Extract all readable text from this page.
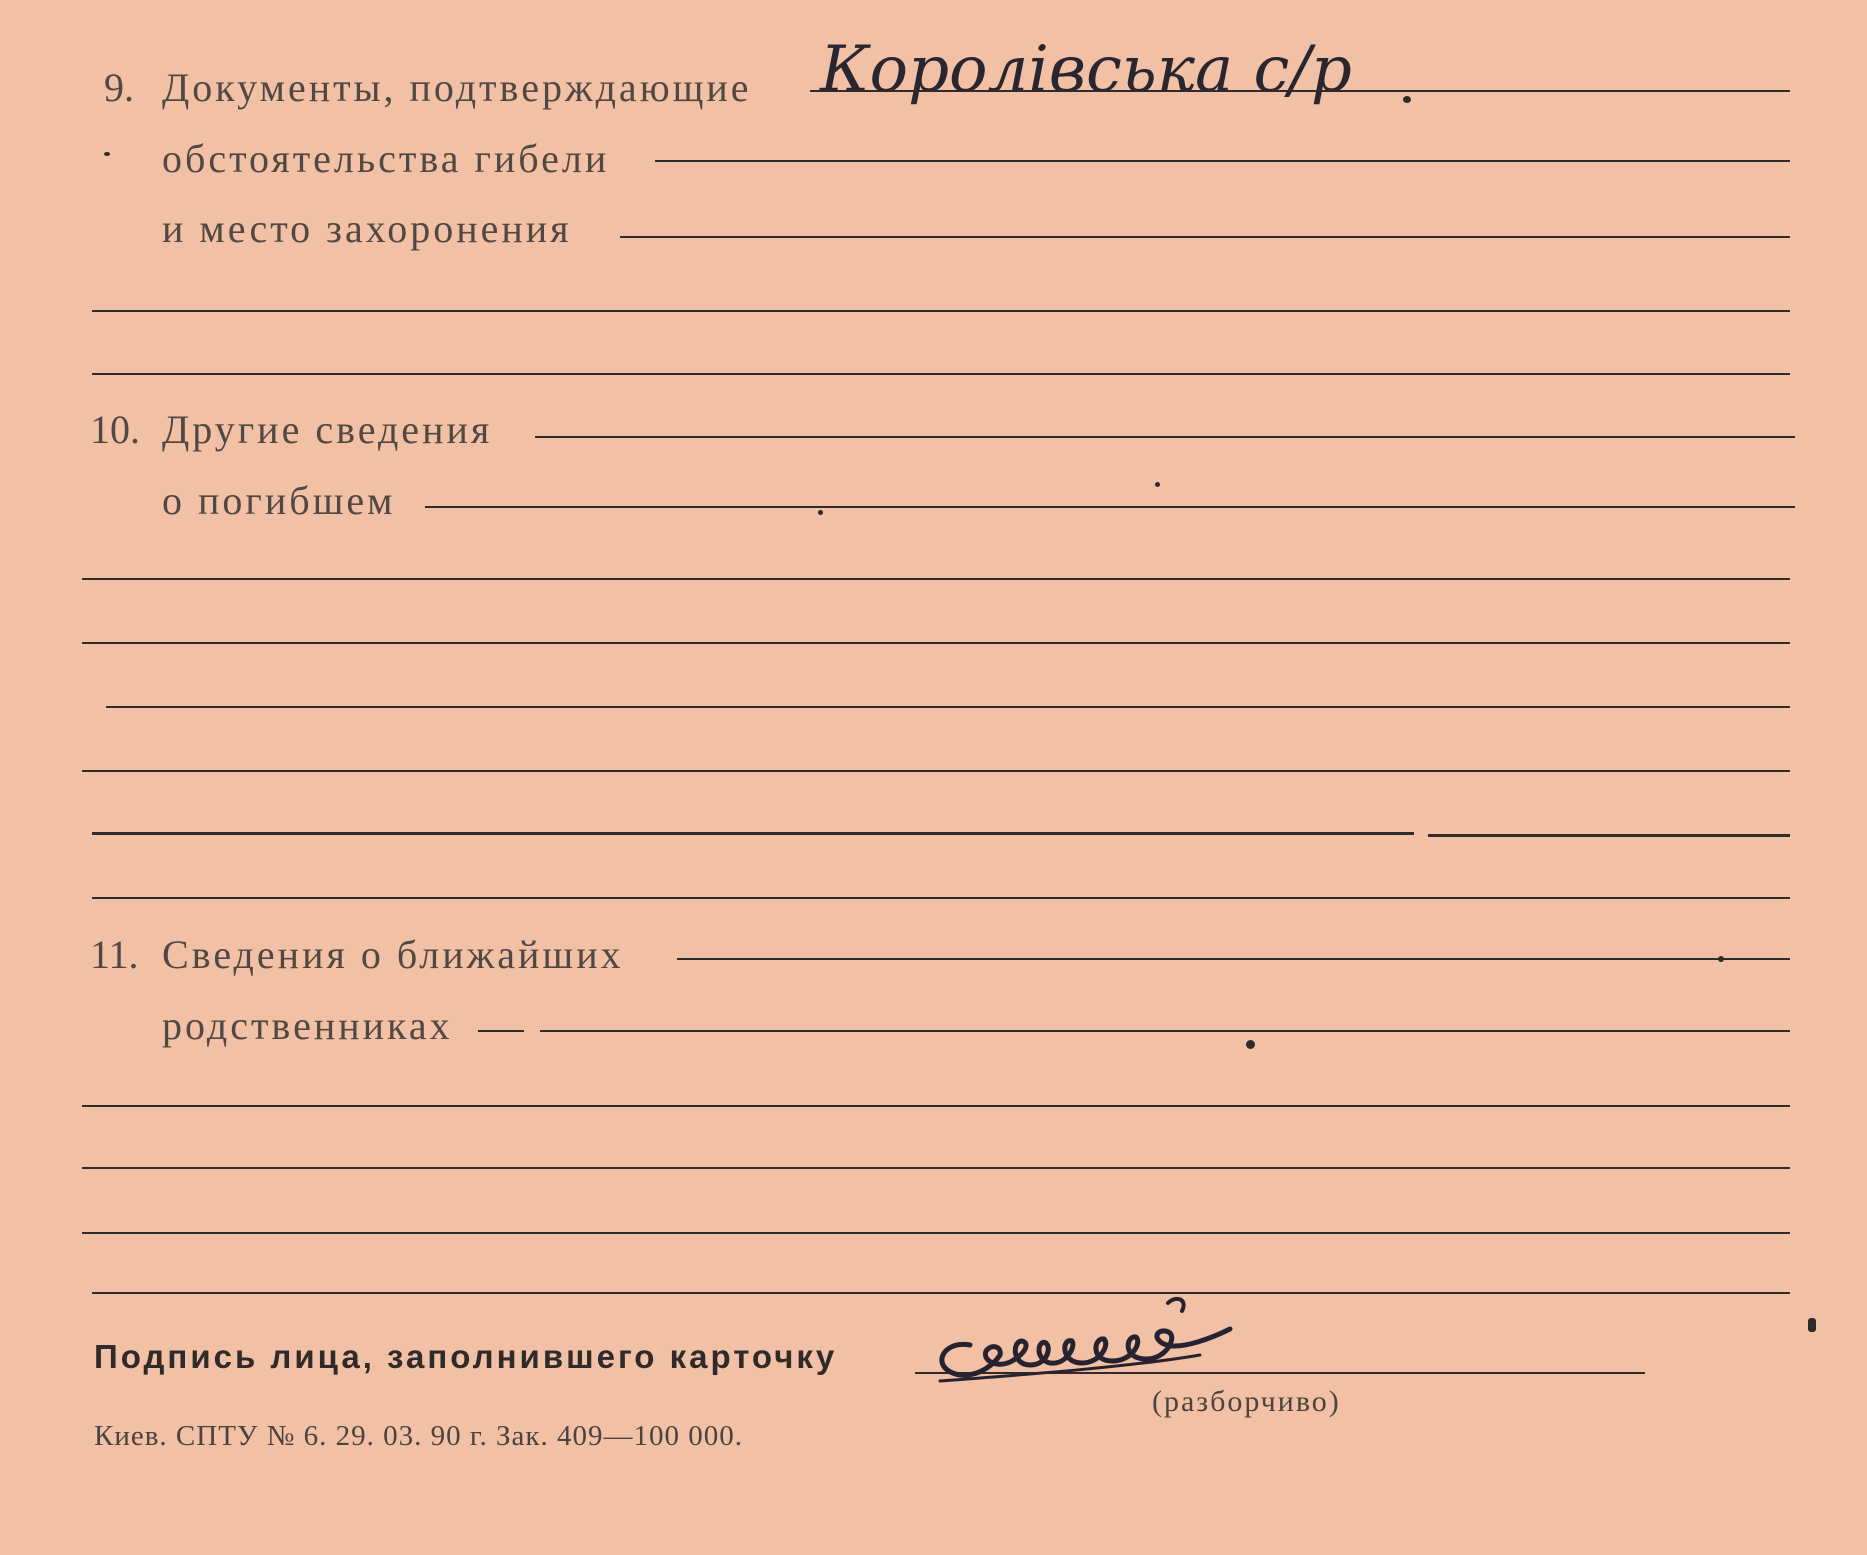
9. Документы, подтверждающие
обстоятельства гибели
и место захоронения
Королівська с/р
10. Другие сведения
о погибшем
11. Сведения о ближайших
родственниках
Подпись лица, заполнившего карточку
(разборчиво)
Киев. СПТУ № 6. 29. 03. 90 г. Зак. 409—100 000.
